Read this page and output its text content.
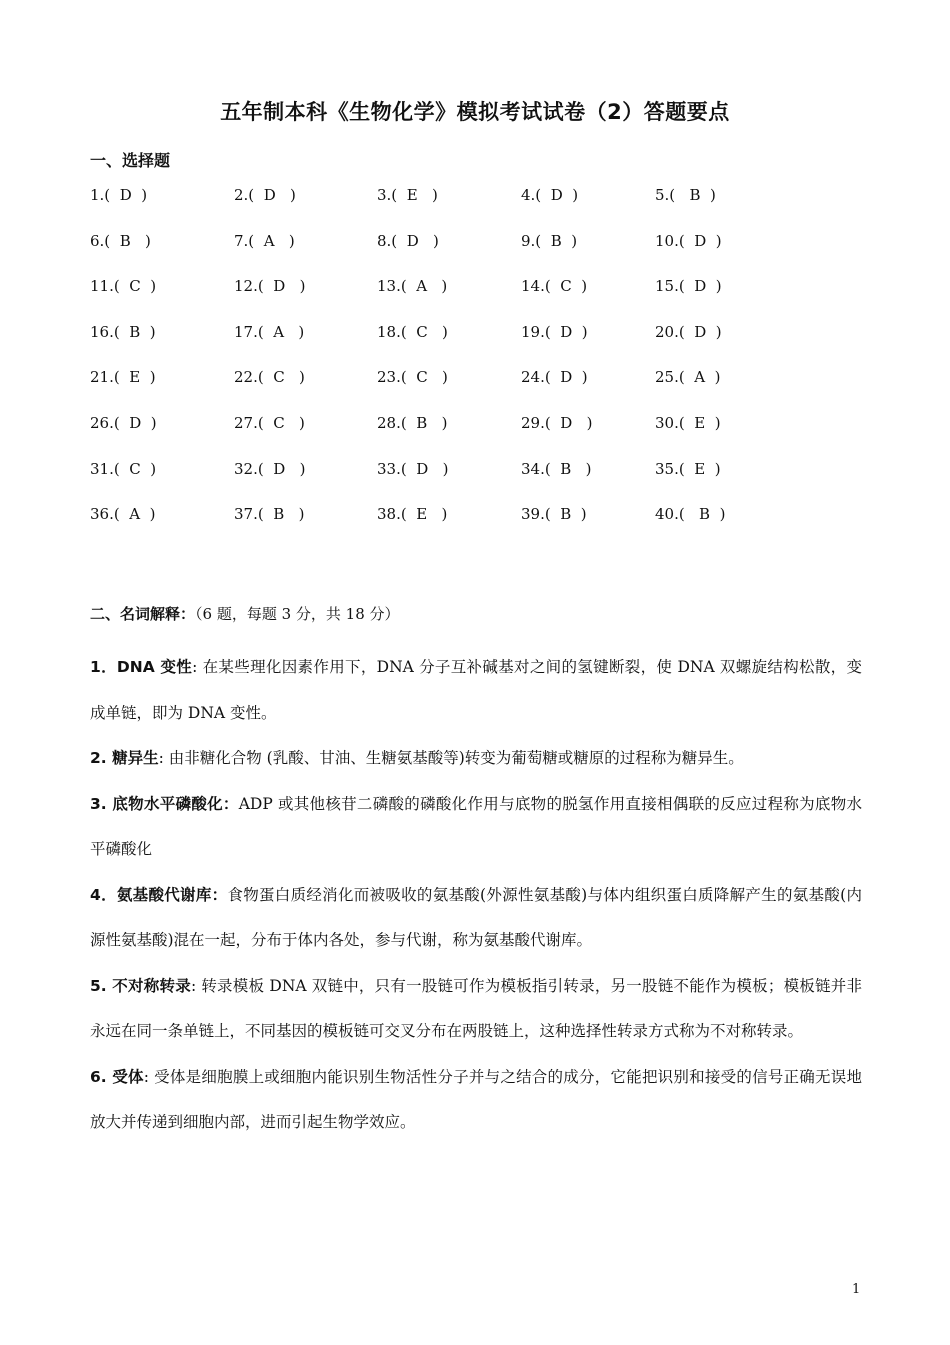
五年制本科《生物化学》模拟考试试卷（2）答题要点
一、选择题
1.(  D  )	2.(  D   )	3.(  E   )	4.(  D  )	5.(   B  )
6.(  B   )	7.(  A   )	8.(  D   )	9.(  B  )	10.(  D  )
11.(  C  )	12.(  D   )	13.(  A   )	14.(  C  )	15.(  D  )
16.(  B  )	17.(  A   )	18.(  C   )	19.(  D  )	20.(  D  )
21.(  E  )	22.(  C   )	23.(  C   )	24.(  D  )	25.(  A  )
26.(  D  )	27.(  C   )	28.(  B   )	29.(  D   )	30.(  E  )
31.(  C  )	32.(  D   )	33.(  D   )	34.(  B   )	35.(  E  )
36.(  A  )	37.(  B   )	38.(  E   )	39.(  B  )	40.(   B  )
二、名词解释：（6 题，每题 3 分，共 18 分）
1．DNA 变性: 在某些理化因素作用下，DNA 分子互补碱基对之间的氢键断裂，使 DNA 双螺旋结构松散，变成单链，即为 DNA 变性。
2. 糖异生: 由非糖化合物 (乳酸、甘油、生糖氨基酸等)转变为葡萄糖或糖原的过程称为糖异生。
3. 底物水平磷酸化：ADP 或其他核苷二磷酸的磷酸化作用与底物的脱氢作用直接相偶联的反应过程称为底物水平磷酸化
4．氨基酸代谢库：食物蛋白质经消化而被吸收的氨基酸(外源性氨基酸)与体内组织蛋白质降解产生的氨基酸(内源性氨基酸)混在一起，分布于体内各处，参与代谢，称为氨基酸代谢库。
5. 不对称转录: 转录模板 DNA 双链中，只有一股链可作为模板指引转录，另一股链不能作为模板；模板链并非永远在同一条单链上，不同基因的模板链可交叉分布在两股链上，这种选择性转录方式称为不对称转录。
6. 受体: 受体是细胞膜上或细胞内能识别生物活性分子并与之结合的成分，它能把识别和接受的信号正确无误地放大并传递到细胞内部，进而引起生物学效应。
1
